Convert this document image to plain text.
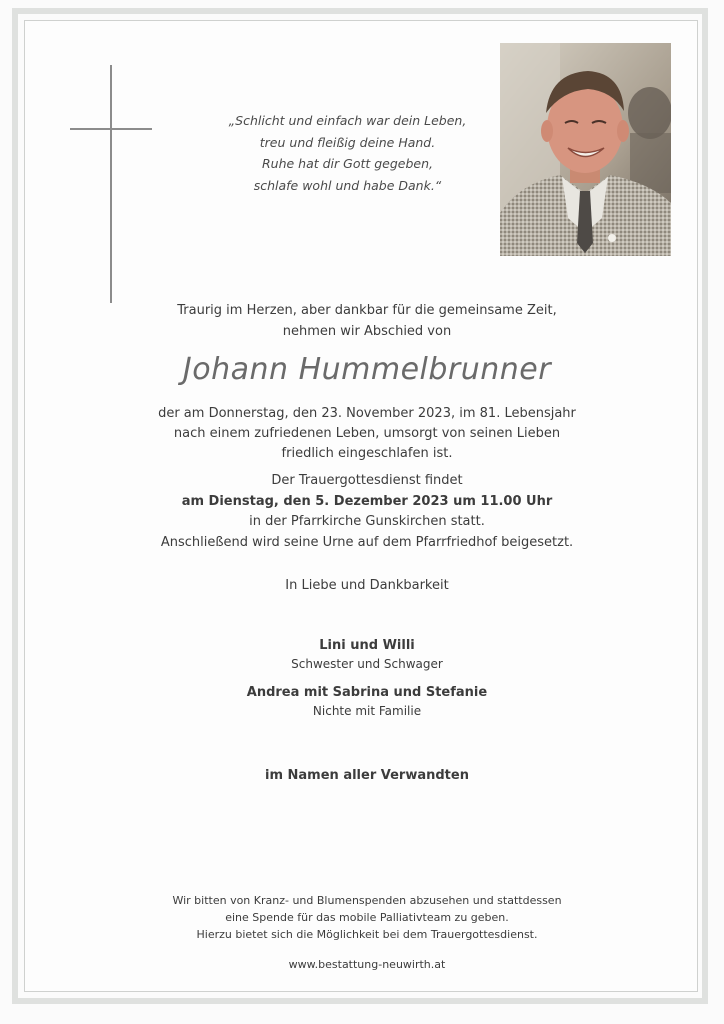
„Schlicht und einfach war dein Leben,
treu und fleißig deine Hand.
Ruhe hat dir Gott gegeben,
schlafe wohl und habe Dank.“
Traurig im Herzen, aber dankbar für die gemeinsame Zeit,
nehmen wir Abschied von
Johann Hummelbrunner
der am Donnerstag, den 23. November 2023, im 81. Lebensjahr
nach einem zufriedenen Leben, umsorgt von seinen Lieben
friedlich eingeschlafen ist.
Der Trauergottesdienst findet
am Dienstag, den 5. Dezember 2023 um 11.00 Uhr
in der Pfarrkirche Gunskirchen statt.
Anschließend wird seine Urne auf dem Pfarrfriedhof beigesetzt.
In Liebe und Dankbarkeit
Lini und Willi
Schwester und Schwager
Andrea mit Sabrina und Stefanie
Nichte mit Familie
im Namen aller Verwandten
Wir bitten von Kranz- und Blumenspenden abzusehen und stattdessen
eine Spende für das mobile Palliativteam zu geben.
Hierzu bietet sich die Möglichkeit bei dem Trauergottesdienst.
www.bestattung-neuwirth.at
